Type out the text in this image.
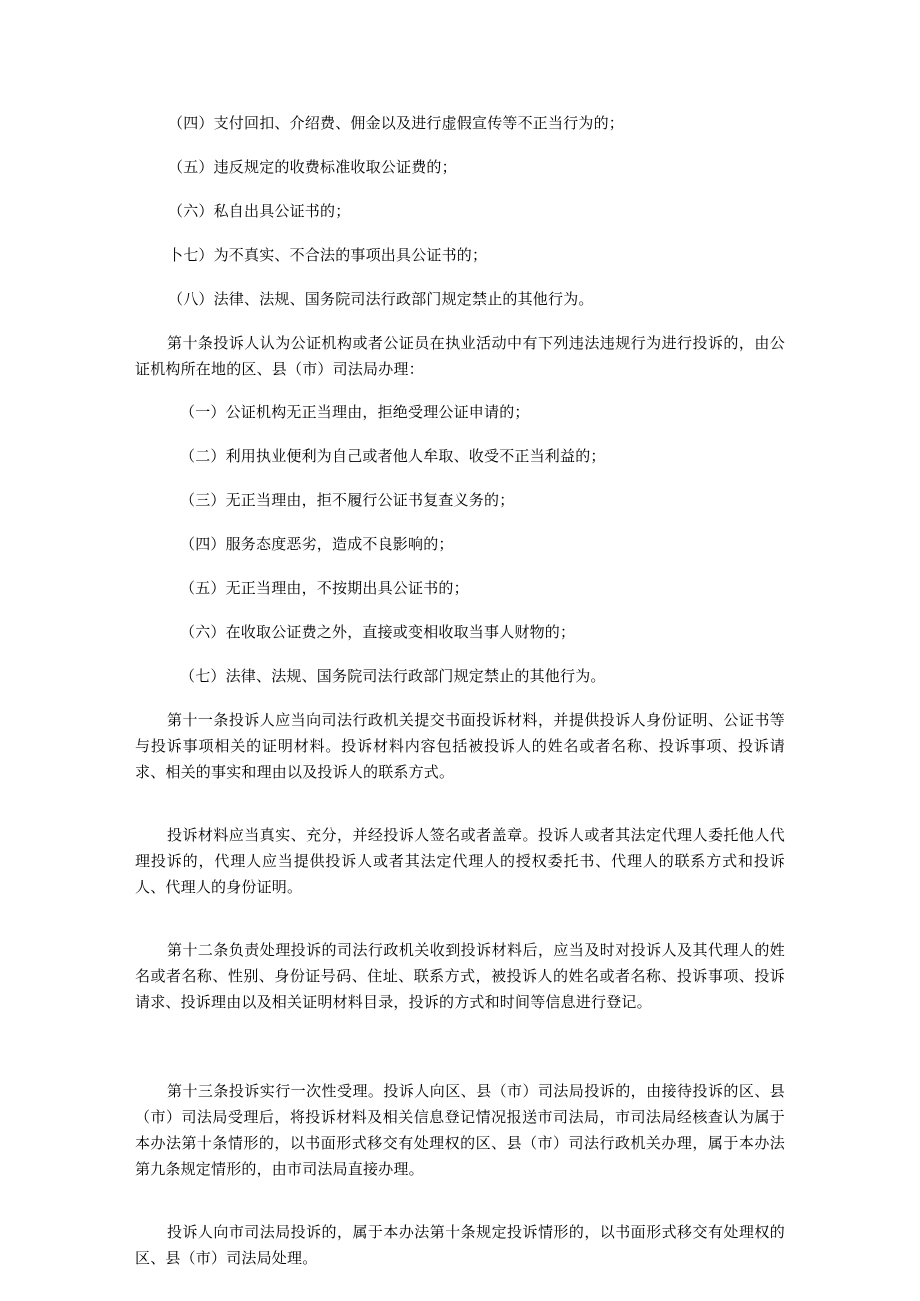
（四）支付回扣、介绍费、佣金以及进行虚假宣传等不正当行为的；
（五）违反规定的收费标准收取公证费的；
（六）私自出具公证书的；
卜七）为不真实、不合法的事项出具公证书的；
（八）法律、法规、国务院司法行政部门规定禁止的其他行为。
第十条投诉人认为公证机构或者公证员在执业活动中有下列违法违规行为进行投诉的，由公证机构所在地的区、县（市）司法局办理：
（一）公证机构无正当理由，拒绝受理公证申请的；
（二）利用执业便利为自己或者他人牟取、收受不正当利益的；
（三）无正当理由，拒不履行公证书复查义务的；
（四）服务态度恶劣，造成不良影响的；
（五）无正当理由，不按期出具公证书的；
（六）在收取公证费之外，直接或变相收取当事人财物的；
（七）法律、法规、国务院司法行政部门规定禁止的其他行为。
第十一条投诉人应当向司法行政机关提交书面投诉材料，并提供投诉人身份证明、公证书等与投诉事项相关的证明材料。投诉材料内容包括被投诉人的姓名或者名称、投诉事项、投诉请求、相关的事实和理由以及投诉人的联系方式。
投诉材料应当真实、充分，并经投诉人签名或者盖章。投诉人或者其法定代理人委托他人代理投诉的，代理人应当提供投诉人或者其法定代理人的授权委托书、代理人的联系方式和投诉人、代理人的身份证明。
第十二条负责处理投诉的司法行政机关收到投诉材料后，应当及时对投诉人及其代理人的姓名或者名称、性别、身份证号码、住址、联系方式，被投诉人的姓名或者名称、投诉事项、投诉请求、投诉理由以及相关证明材料目录，投诉的方式和时间等信息进行登记。
第十三条投诉实行一次性受理。投诉人向区、县（市）司法局投诉的，由接待投诉的区、县（市）司法局受理后，将投诉材料及相关信息登记情况报送市司法局，市司法局经核查认为属于本办法第十条情形的，以书面形式移交有处理权的区、县（市）司法行政机关办理，属于本办法第九条规定情形的，由市司法局直接办理。
投诉人向市司法局投诉的，属于本办法第十条规定投诉情形的，以书面形式移交有处理权的区、县（市）司法局处理。
